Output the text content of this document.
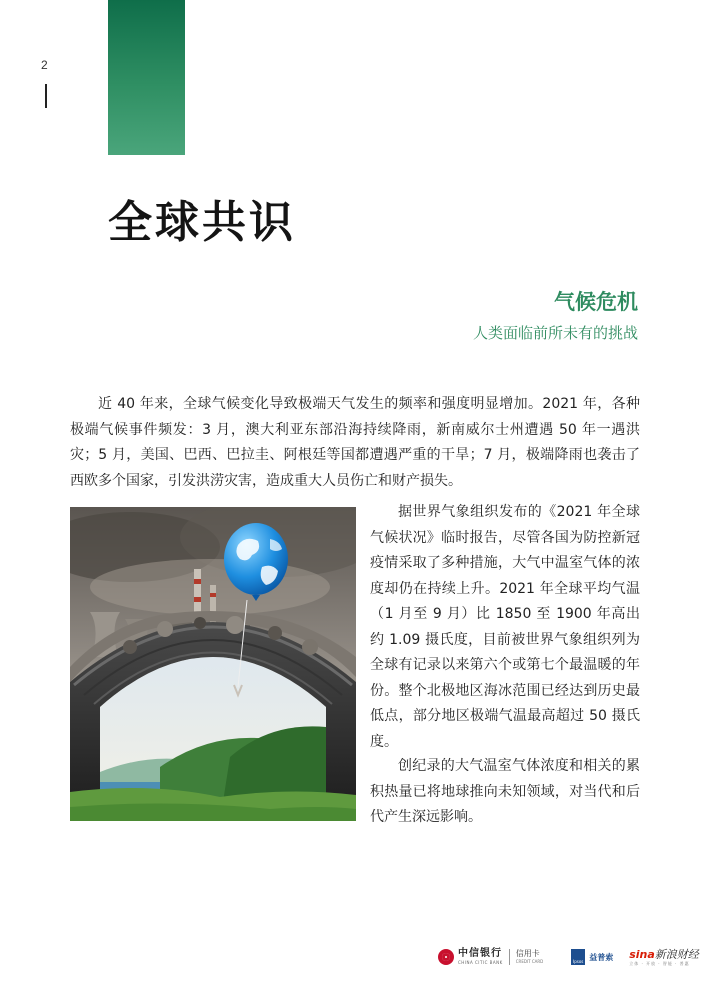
2
全球共识
气候危机

人类面临前所未有的挑战

近 40 年来，全球气候变化导致极端天气发生的频率和强度明显增加。2021 年，各种极端气候事件频发：3 月，澳大利亚东部沿海持续降雨，新南威尔士州遭遇 50 年一遇洪灾；5 月，美国、巴西、巴拉圭、阿根廷等国都遭遇严重的干旱；7 月，极端降雨也袭击了西欧多个国家，引发洪涝灾害，造成重大人员伤亡和财产损失。

据世界气象组织发布的《2021 年全球气候状况》临时报告，尽管各国为防控新冠疫情采取了多种措施，大气中温室气体的浓度却仍在持续上升。2021 年全球平均气温（1 月至 9 月）比 1850 至 1900 年高出约 1.09 摄氏度，目前被世界气象组织列为全球有记录以来第六个或第七个最温暖的年份。整个北极地区海冰范围已经达到历史最低点，部分地区极端气温最高超过 50 摄氏度。

创纪录的大气温室气体浓度和相关的累积热量已将地球推向未知领域，对当代和后代产生深远影响。

中信银行
CHINA CITIC BANK
信用卡
CREDIT CARD	Ipsos 益普索 sina新浪财经
立体 · 开放 · 智能 · 普惠
